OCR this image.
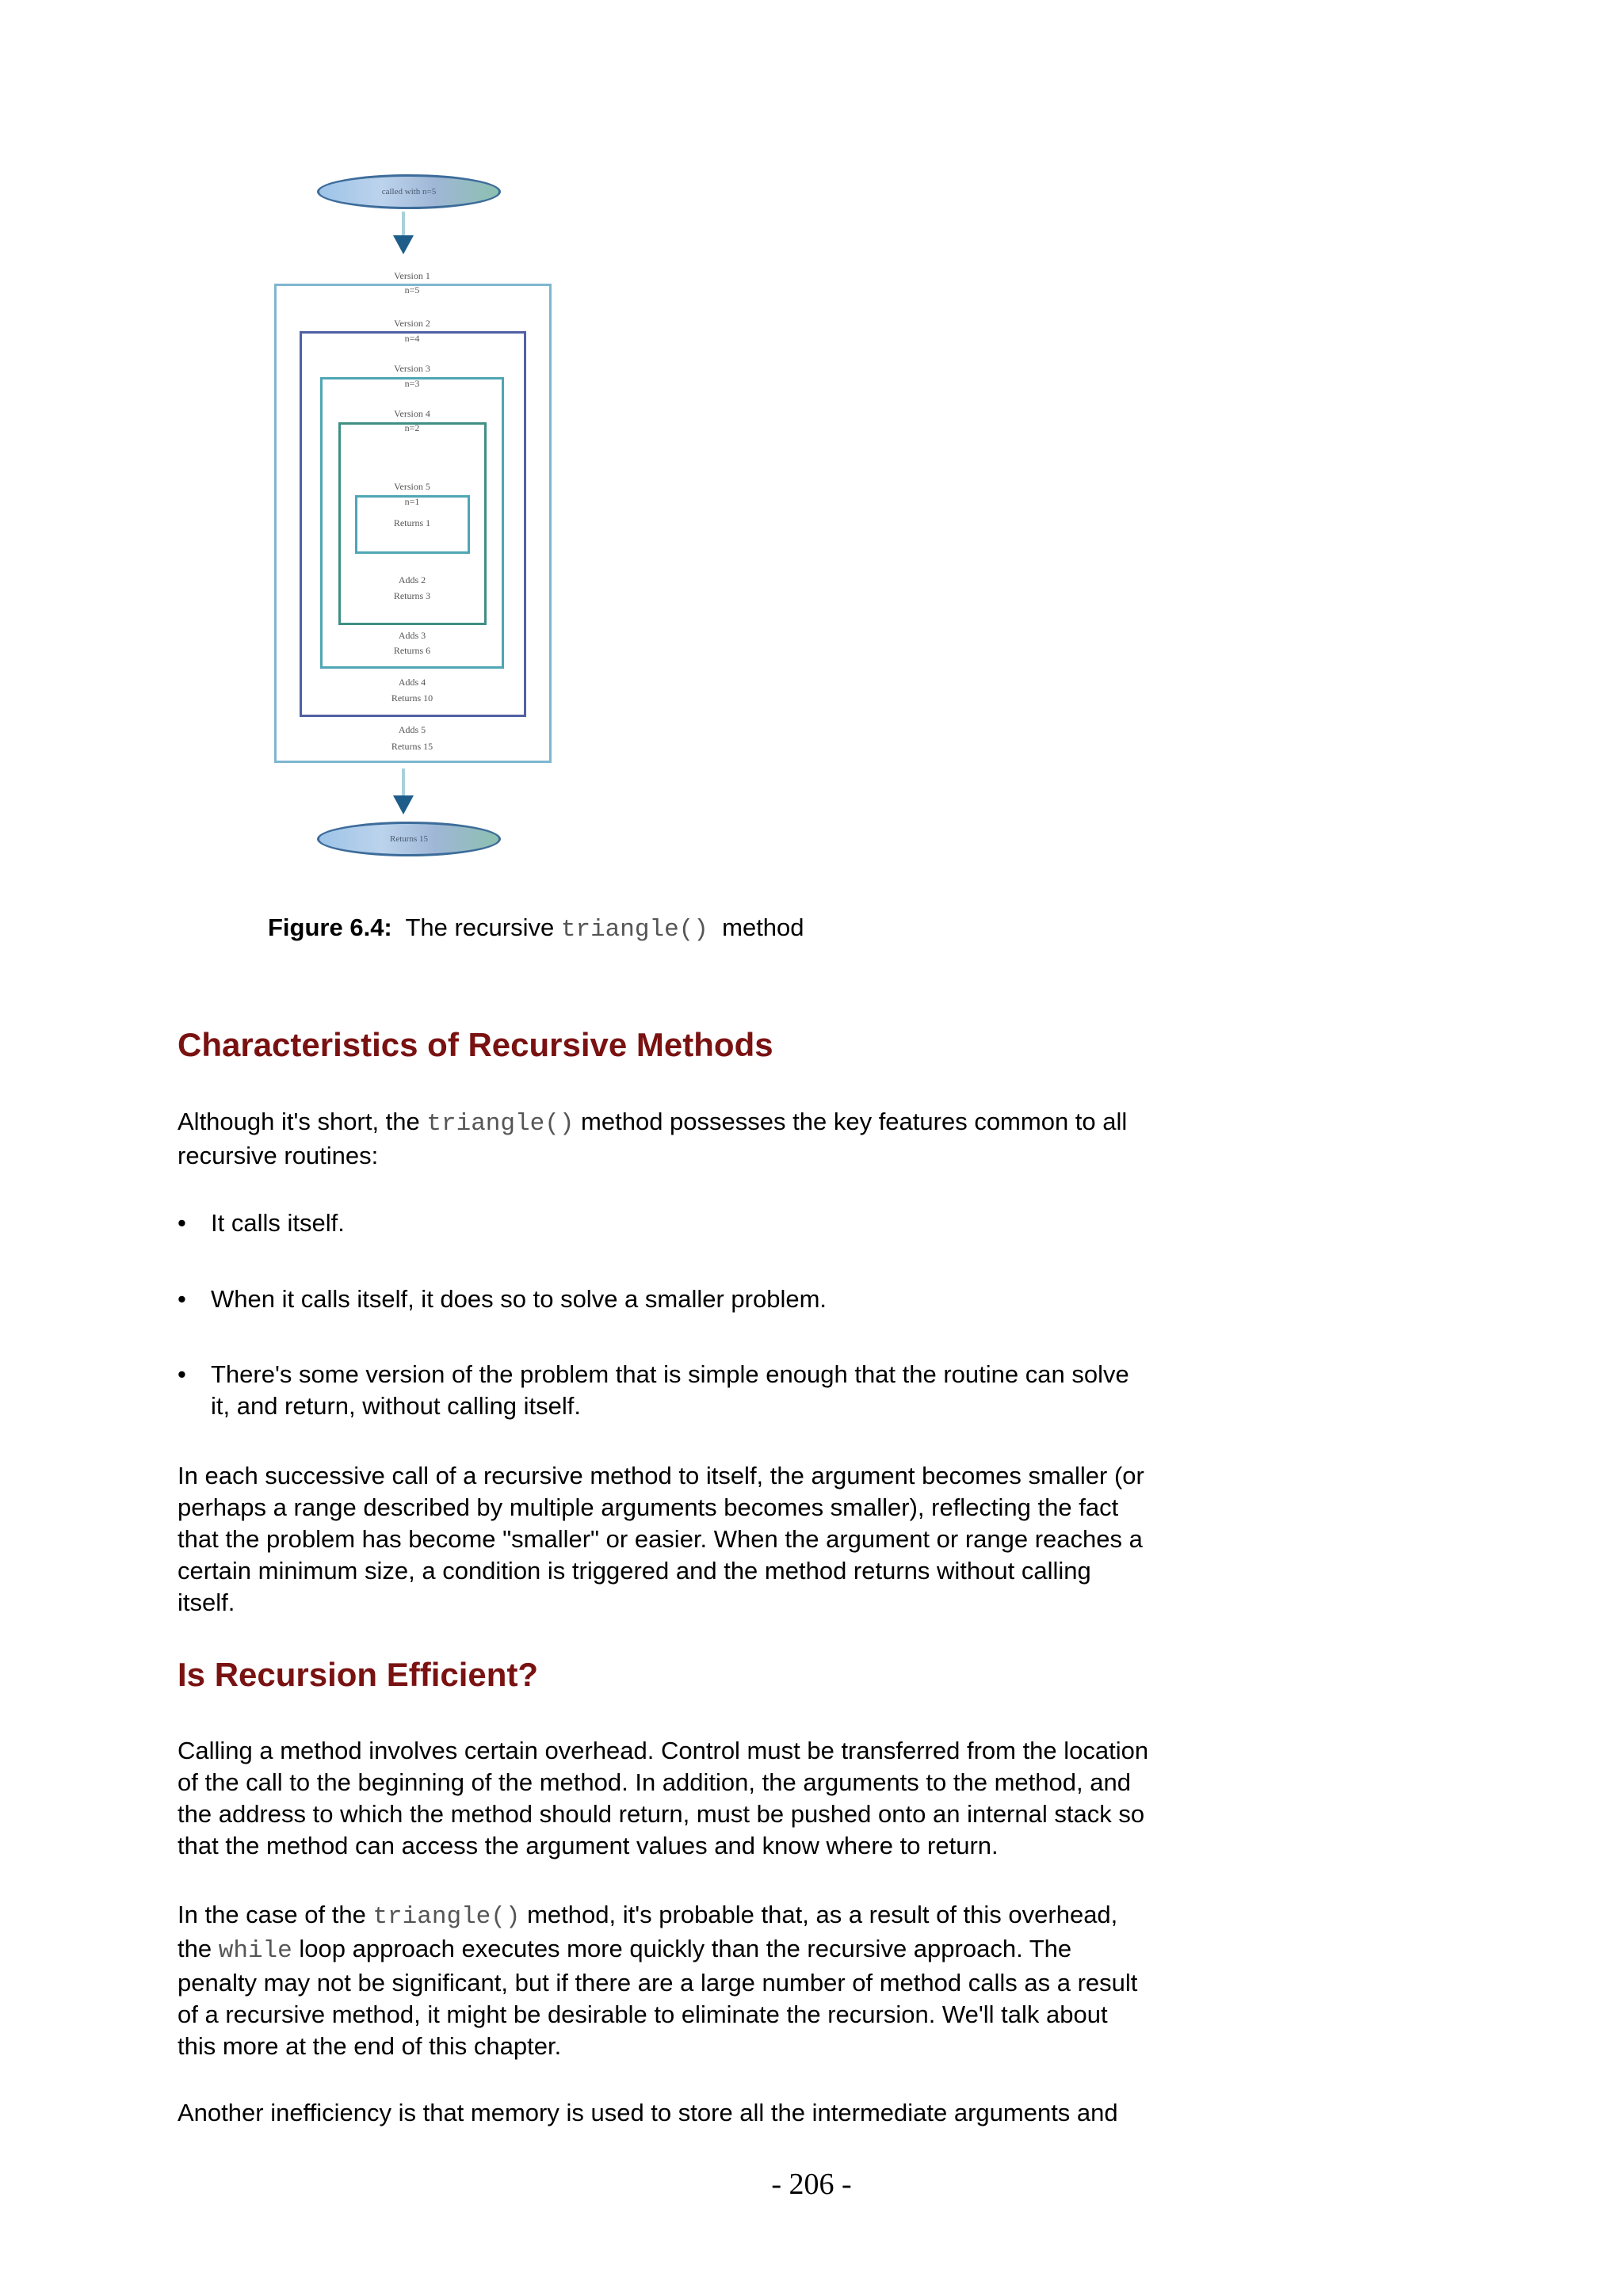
called with n=5
Version 1
n=5
Version 2
n=4
Version 3
n=3
Version 4
n=2
Version 5
n=1
Returns 1
Adds 2
Returns 3
Adds 3
Returns 6
Adds 4
Returns 10
Adds 5
Returns 15
Returns 15
Figure 6.4: The recursive triangle() method
Characteristics of Recursive Methods
Although it's short, the triangle() method possesses the key features common to all
recursive routines:
• It calls itself.

• When it calls itself, it does so to solve a smaller problem.

• There's some version of the problem that is simple enough that the routine can solve
it, and return, without calling itself.

In each successive call of a recursive method to itself, the argument becomes smaller (or
perhaps a range described by multiple arguments becomes smaller), reflecting the fact
that the problem has become "smaller" or easier. When the argument or range reaches a
certain minimum size, a condition is triggered and the method returns without calling
itself.
Is Recursion Efficient?
Calling a method involves certain overhead. Control must be transferred from the location
of the call to the beginning of the method. In addition, the arguments to the method, and
the address to which the method should return, must be pushed onto an internal stack so
that the method can access the argument values and know where to return.
In the case of the triangle() method, it's probable that, as a result of this overhead,
the while loop approach executes more quickly than the recursive approach. The
penalty may not be significant, but if there are a large number of method calls as a result
of a recursive method, it might be desirable to eliminate the recursion. We'll talk about
this more at the end of this chapter.
Another inefficiency is that memory is used to store all the intermediate arguments and
- 206 -
